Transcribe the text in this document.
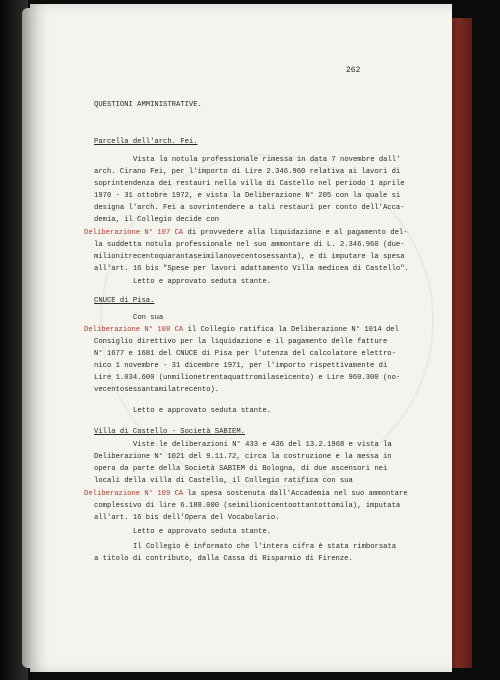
262
QUESTIONI AMMINISTRATIVE.
Parcella dell'arch. Fei.
Vista la notula professionale rimessa in data 7 novembre dall'
arch. Cirano Fei, per l'importo di Lire 2.346.960 relativa ai lavori di
soprintendenza dei restauri nella villa di Castello nel periodo 1 aprile
1970 - 31 ottobre 1972, e vista la Deliberazione N° 205 con la quale si
designa l'arch. Fei a sovrintendere a tali restauri per conto dell'Acca-
demia, il Collegio decide con
Deliberazione N° 107 CA di provvedere alla liquidazione e al pagamento del-
la suddetta notula professionale nel suo ammontare di L. 2.346.960 (due-
milionitrecentoquarantaseimilanovecentosessanta), e di imputare la spesa
all'art. 16 bis "Spese per lavori adattamento Villa medicea di Castello".
Letto e approvato seduta stante.
CNUCE di Pisa.
Con sua
Deliberazione N° 108 CA il Collegio ratifica la Deliberazione N° 1014 del
Consiglio direttivo per la liquidazione e il pagamento delle fatture
N° 1677 e 1681 del CNUCE di Pisa per l'utenza del calcolatore elettro-
nico 1 novembre - 31 dicembre 1971, per l'importo rispettivamente di
Lire 1.034.600 (unmilionetrentaquattromilaseicento) e Lire 960.300 (no-
vecentosessantamilatrecento).
Letto e approvato seduta stante.
Villa di Castello - Società SABIEM.
Viste le deliberazioni N° 433 e 436 del 13.2.1968 e vista la
Deliberazione N° 1021 del 9.11.72, circa la costruzione e la messa in
opera da parte della Società SABIEM di Bologna, di due ascensori nei
locali della villa di Castello, il Collegio ratifica con sua
Deliberazione N° 109 CA la spesa sostenuta dall'Accademia nel suo ammontare
complessivo di lire 6.188.000 (seimilionicentoottantottomila), imputata
all'art. 16 bis dell'Opera del Vocabolario.
Letto e approvato seduta stante.
Il Collegio è informato che l'intera cifra è stata rimborsata
a titolo di contributo, dalla Cassa di Risparmio di Firenze.
